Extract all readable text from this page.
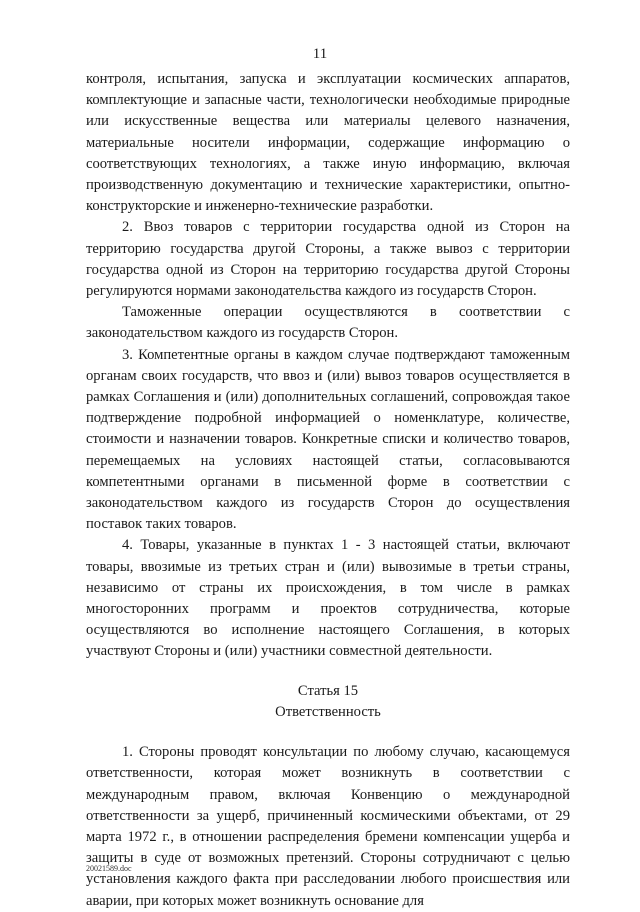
11

контроля, испытания, запуска и эксплуатации космических аппаратов, комплектующие и запасные части, технологически необходимые природные или искусственные вещества или материалы целевого назначения, материальные носители информации, содержащие информацию о соответствующих технологиях, а также иную информацию, включая производственную документацию и технические характеристики, опытно-конструкторские и инженерно-технические разработки.

2. Ввоз товаров с территории государства одной из Сторон на территорию государства другой Стороны, а также вывоз с территории государства одной из Сторон на территорию государства другой Стороны регулируются нормами законодательства каждого из государств Сторон.

Таможенные операции осуществляются в соответствии с законодательством каждого из государств Сторон.

3. Компетентные органы в каждом случае подтверждают таможенным органам своих государств, что ввоз и (или) вывоз товаров осуществляется в рамках Соглашения и (или) дополнительных соглашений, сопровождая такое подтверждение подробной информацией о номенклатуре, количестве, стоимости и назначении товаров. Конкретные списки и количество товаров, перемещаемых на условиях настоящей статьи, согласовываются компетентными органами в письменной форме в соответствии с законодательством каждого из государств Сторон до осуществления поставок таких товаров.

4. Товары, указанные в пунктах 1 - 3 настоящей статьи, включают товары, ввозимые из третьих стран и (или) вывозимые в третьи страны, независимо от страны их происхождения, в том числе в рамках многосторонних программ и проектов сотрудничества, которые осуществляются во исполнение настоящего Соглашения, в которых участвуют Стороны и (или) участники совместной деятельности.

Статья 15

Ответственность

1. Стороны проводят консультации по любому случаю, касающемуся ответственности, которая может возникнуть в соответствии с международным правом, включая Конвенцию о международной ответственности за ущерб, причиненный космическими объектами, от 29 марта 1972 г., в отношении распределения бремени компенсации ущерба и защиты в суде от возможных претензий. Стороны сотрудничают с целью установления каждого факта при расследовании любого происшествия или аварии, при которых может возникнуть основание для

20021589.doc
